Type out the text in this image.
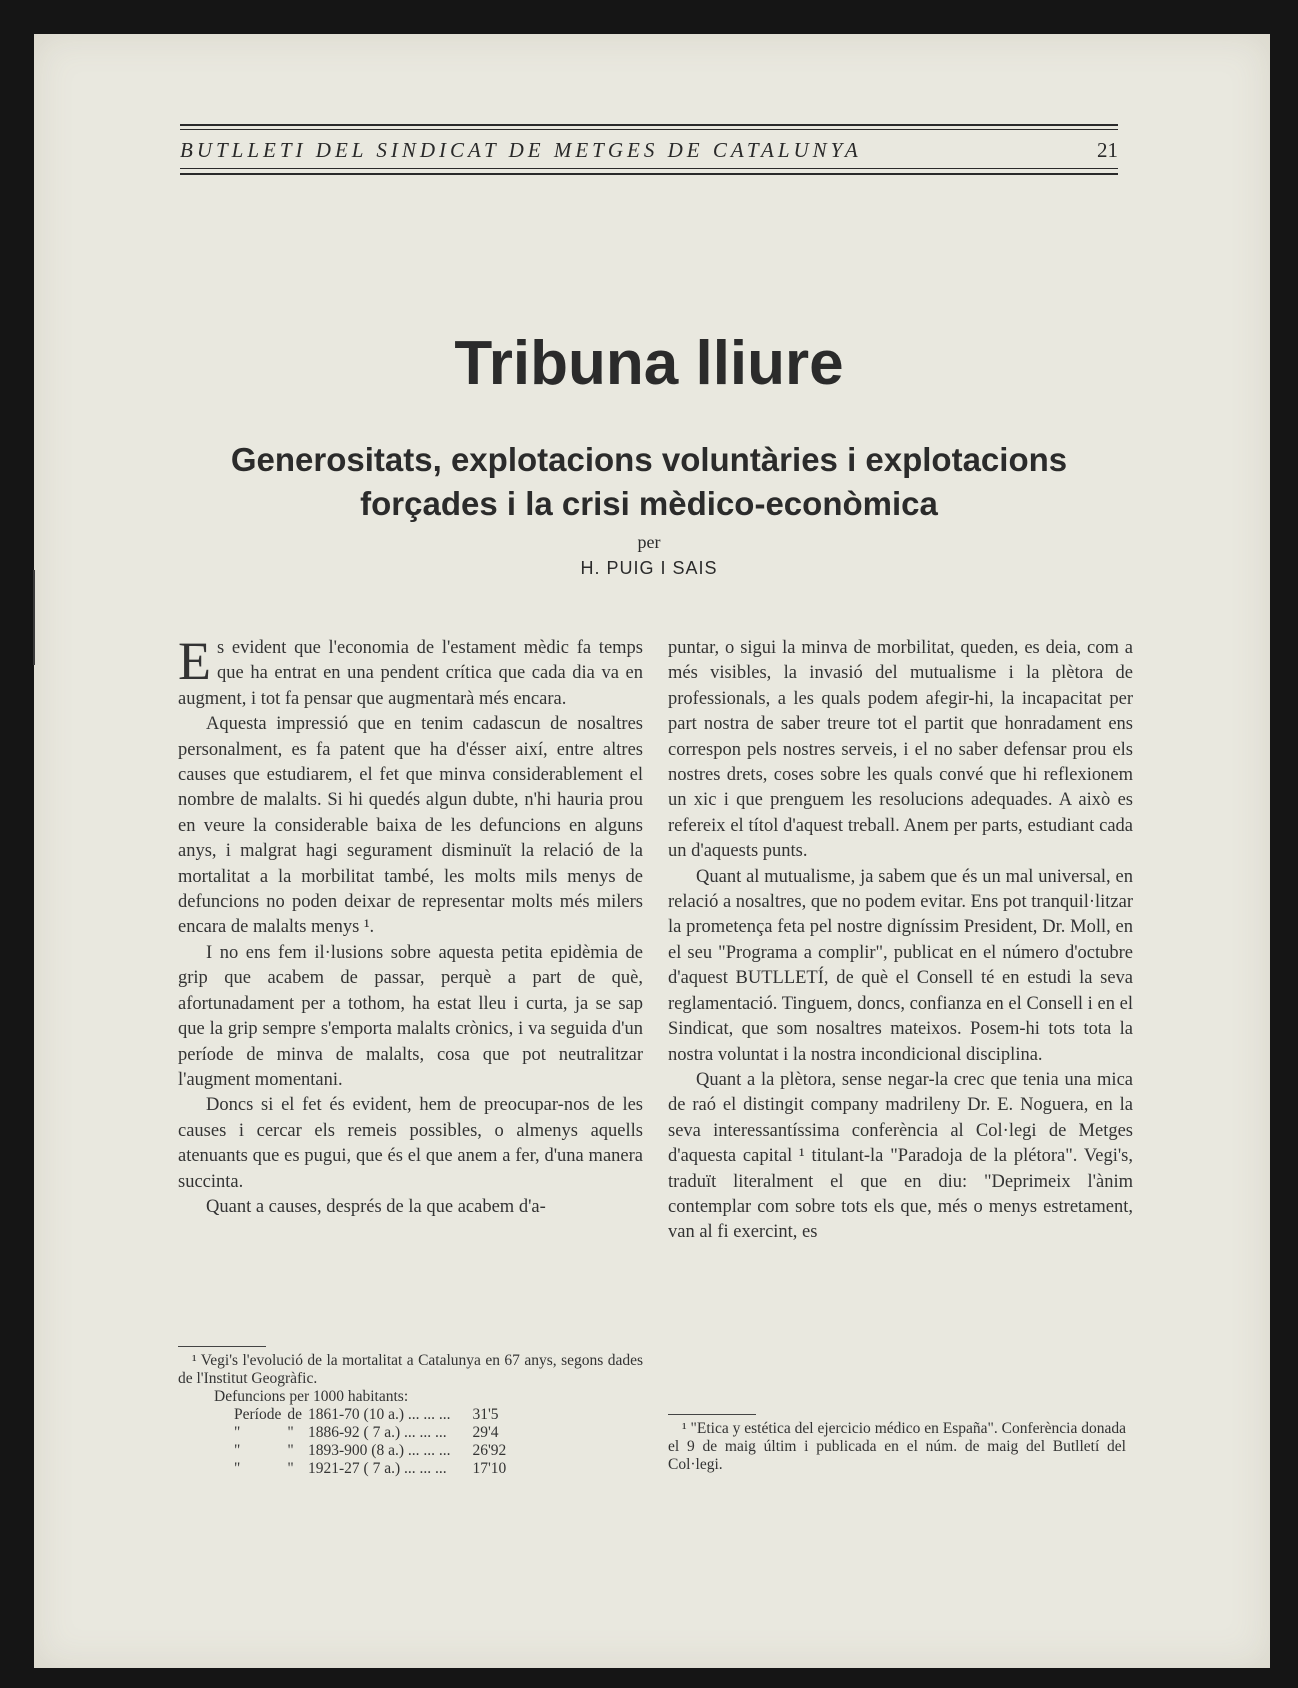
BUTLLETI DEL SINDICAT DE METGES DE CATALUNYA	21
Tribuna lliure
Generositats, explotacions voluntàries i explotacions forçades i la crisi mèdico-econòmica
per
H. PUIG I SAIS

Es evident que l'economia de l'estament mèdic fa temps que ha entrat en una pendent crítica que cada dia va en augment, i tot fa pensar que augmentarà més encara.

Aquesta impressió que en tenim cadascun de nosaltres personalment, es fa patent que ha d'ésser així, entre altres causes que estudiarem, el fet que minva considerablement el nombre de malalts. Si hi quedés algun dubte, n'hi hauria prou en veure la considerable baixa de les defuncions en alguns anys, i malgrat hagi segurament disminuït la relació de la mortalitat a la morbilitat també, les molts mils menys de defuncions no poden deixar de representar molts més milers encara de malalts menys ¹.

I no ens fem il·lusions sobre aquesta petita epidèmia de grip que acabem de passar, perquè a part de què, afortunadament per a tothom, ha estat lleu i curta, ja se sap que la grip sempre s'emporta malalts crònics, i va seguida d'un període de minva de malalts, cosa que pot neutralitzar l'augment momentani.

Doncs si el fet és evident, hem de preocupar-nos de les causes i cercar els remeis possibles, o almenys aquells atenuants que es pugui, que és el que anem a fer, d'una manera succinta.

Quant a causes, després de la que acabem d'a-

puntar, o sigui la minva de morbilitat, queden, es deia, com a més visibles, la invasió del mutualisme i la plètora de professionals, a les quals podem afegir-hi, la incapacitat per part nostra de saber treure tot el partit que honradament ens correspon pels nostres serveis, i el no saber defensar prou els nostres drets, coses sobre les quals convé que hi reflexionem un xic i que prenguem les resolucions adequades. A això es refereix el títol d'aquest treball. Anem per parts, estudiant cada un d'aquests punts.

Quant al mutualisme, ja sabem que és un mal universal, en relació a nosaltres, que no podem evitar. Ens pot tranquil·litzar la prometença feta pel nostre digníssim President, Dr. Moll, en el seu "Programa a complir", publicat en el número d'octubre d'aquest BUTLLETÍ, de què el Consell té en estudi la seva reglamentació. Tinguem, doncs, confianza en el Consell i en el Sindicat, que som nosaltres mateixos. Posem-hi tots tota la nostra voluntat i la nostra incondicional disciplina.

Quant a la plètora, sense negar-la crec que tenia una mica de raó el distingit company madrileny Dr. E. Noguera, en la seva interessantíssima conferència al Col·legi de Metges d'aquesta capital ¹ titulant-la "Paradoja de la plétora". Vegi's, traduït literalment el que en diu: "Deprimeix l'ànim contemplar com sobre tots els que, més o menys estretament, van al fi exercint, es

¹ Vegi's l'evolució de la mortalitat a Catalunya en 67 anys, segons dades de l'Institut Geogràfic.

Defuncions per 1000 habitants:
Període	de	1861-70 (10 a.) ... ... ...	31'5
"	"	1886-92 ( 7 a.) ... ... ...	29'4
"	"	1893-900 (8 a.) ... ... ...	26'92
"	"	1921-27 ( 7 a.) ... ... ...	17'10

¹ "Etica y estética del ejercicio médico en España". Conferència donada el 9 de maig últim i publicada en el núm. de maig del Butlletí del Col·legi.
